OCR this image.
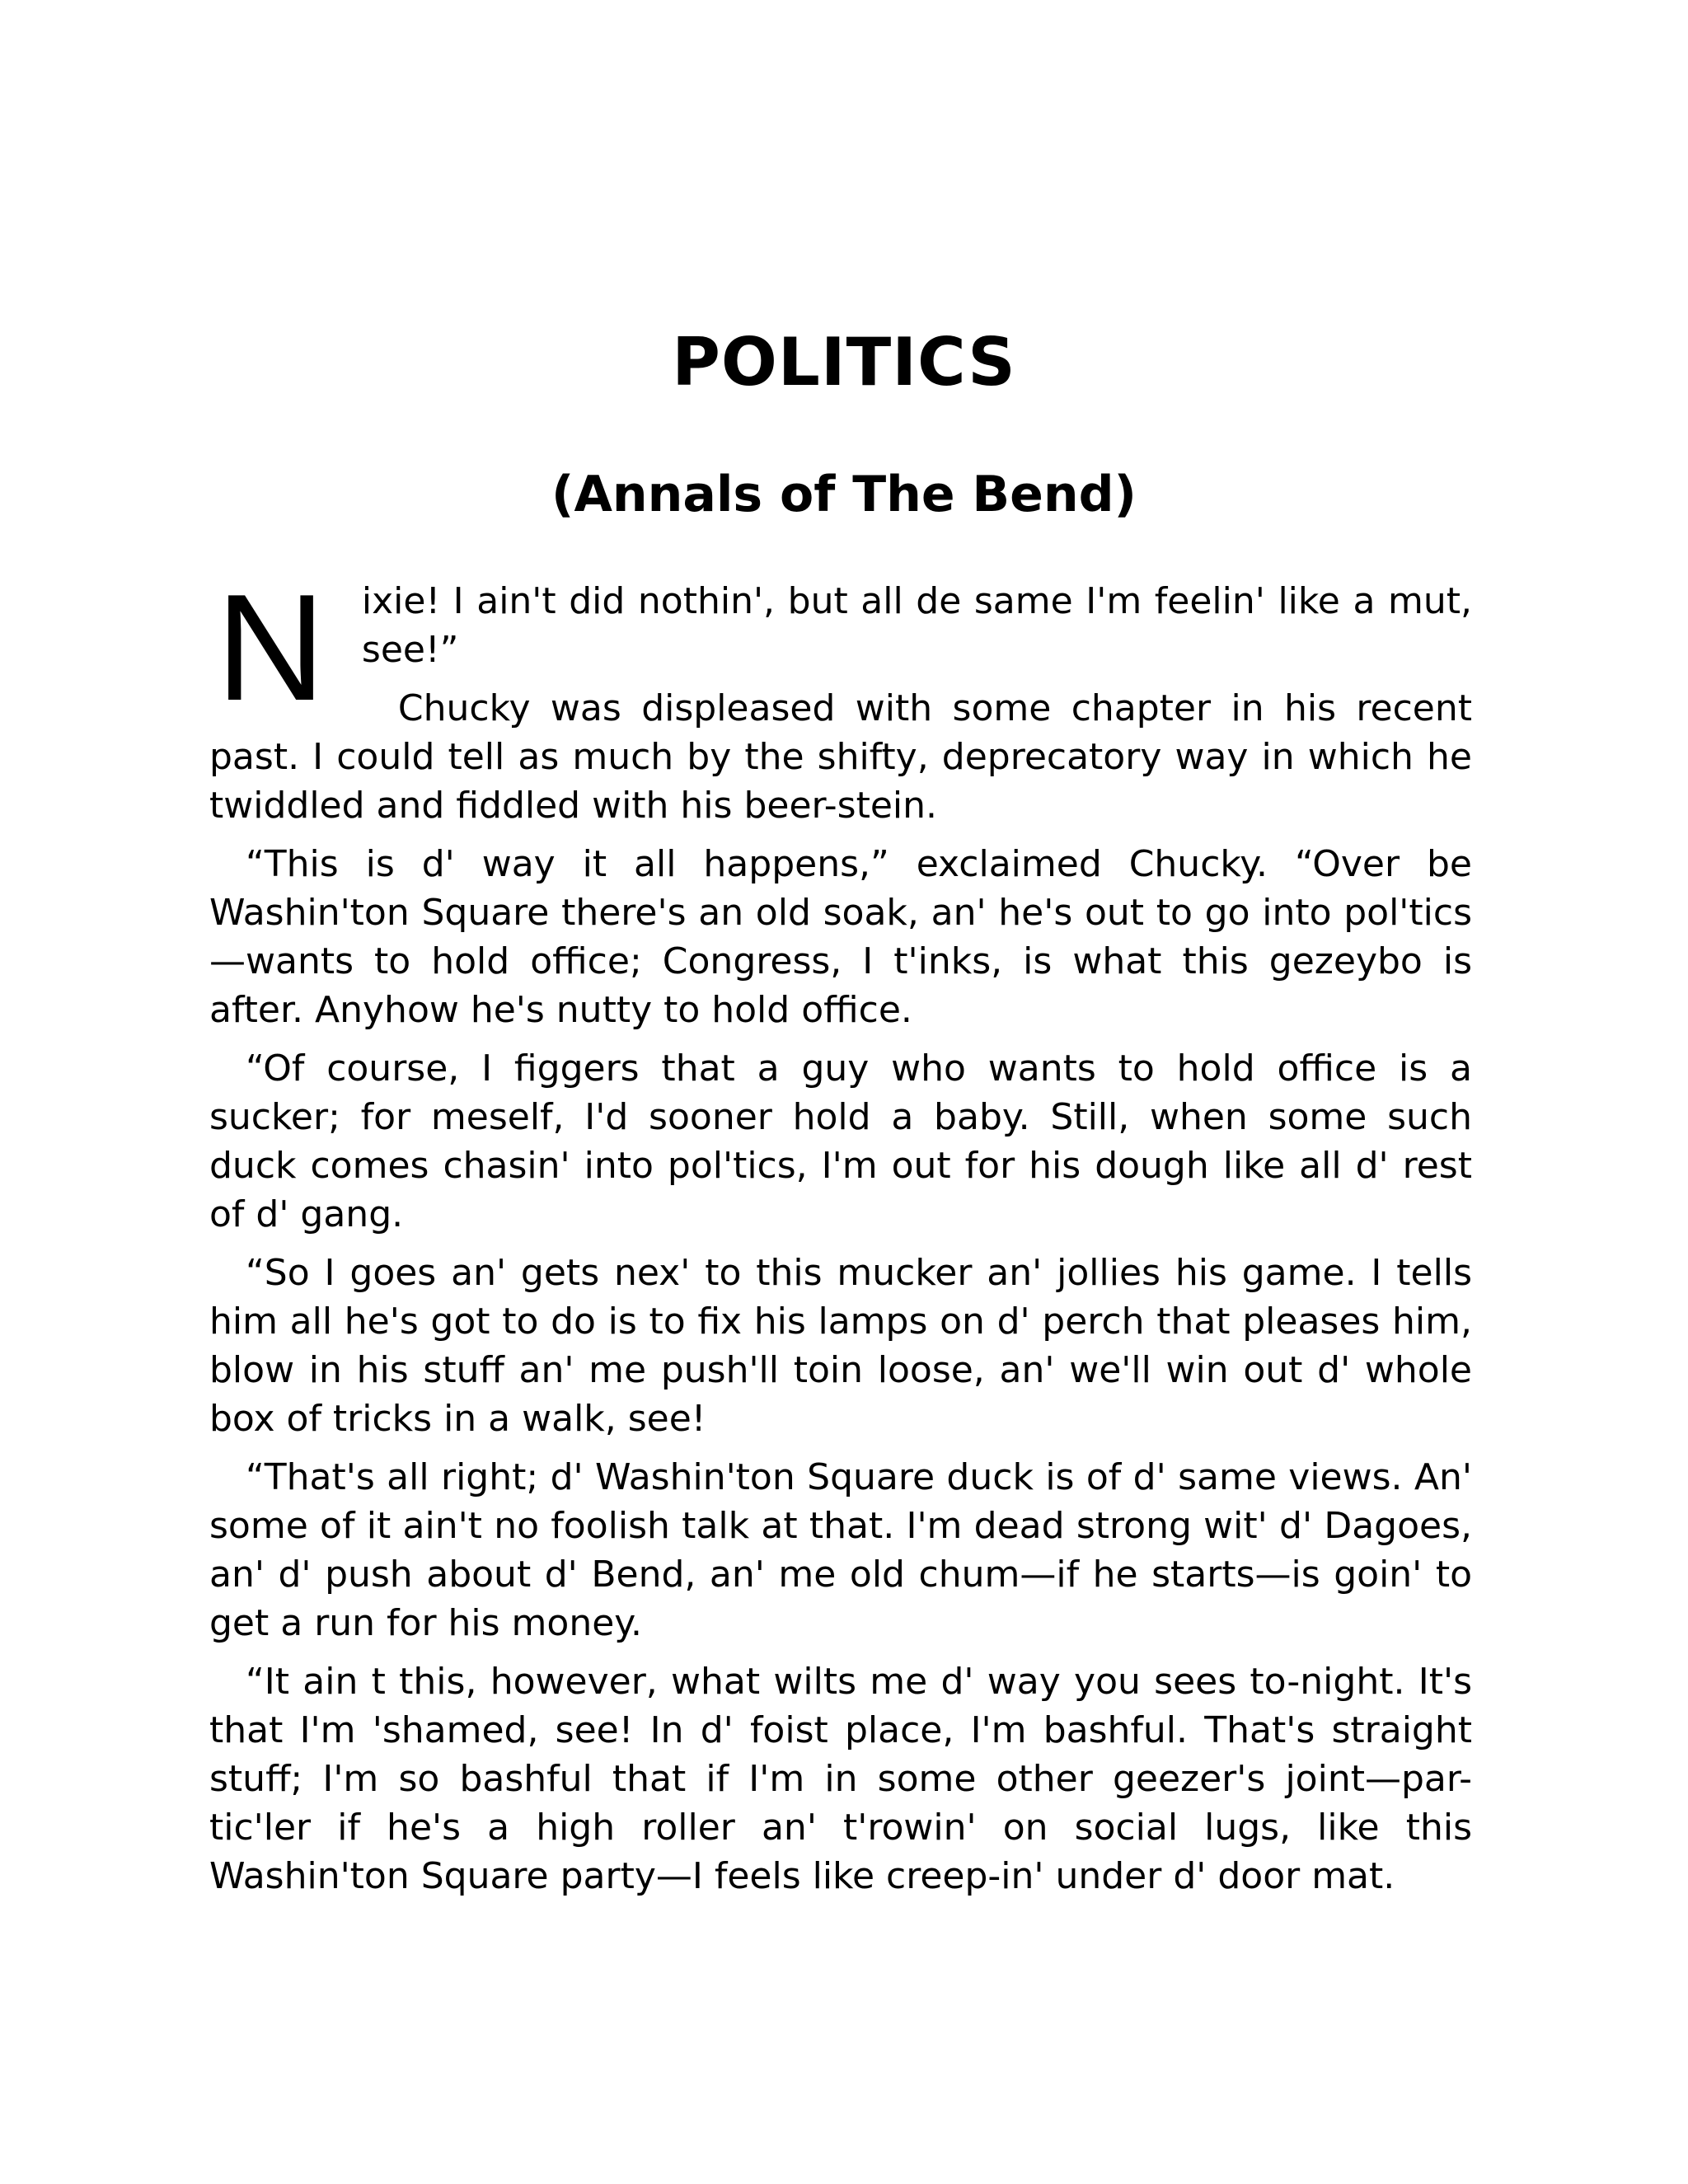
POLITICS
(Annals of The Bend)

N ixie! I ain't did nothin', but all de same I'm feelin' like a mut, see!”

Chucky was displeased with some chapter in his recent past. I could tell as much by the shifty, deprecatory way in which he twiddled and fiddled with his beer-stein.

“This is d' way it all happens,” exclaimed Chucky. “Over be Washin'ton Square there's an old soak, an' he's out to go into pol'tics —wants to hold office; Congress, I t'inks, is what this gezeybo is after. Anyhow he's nutty to hold office.

“Of course, I figgers that a guy who wants to hold office is a sucker; for meself, I'd sooner hold a baby. Still, when some such duck comes chasin' into pol'tics, I'm out for his dough like all d' rest of d' gang.

“So I goes an' gets nex' to this mucker an' jollies his game. I tells him all he's got to do is to fix his lamps on d' perch that pleases him, blow in his stuff an' me push'll toin loose, an' we'll win out d' whole box of tricks in a walk, see!

“That's all right; d' Washin'ton Square duck is of d' same views. An' some of it ain't no foolish talk at that. I'm dead strong wit' d' Dagoes, an' d' push about d' Bend, an' me old chum—if he starts—is goin' to get a run for his money.

“It ain t this, however, what wilts me d' way you sees to-night. It's that I'm 'shamed, see! In d' foist place, I'm bashful. That's straight stuff; I'm so bashful that if I'm in some other geezer's joint—par-tic'ler if he's a high roller an' t'rowin' on social lugs, like this Washin'ton Square party—I feels like creep-in' under d' door mat.
